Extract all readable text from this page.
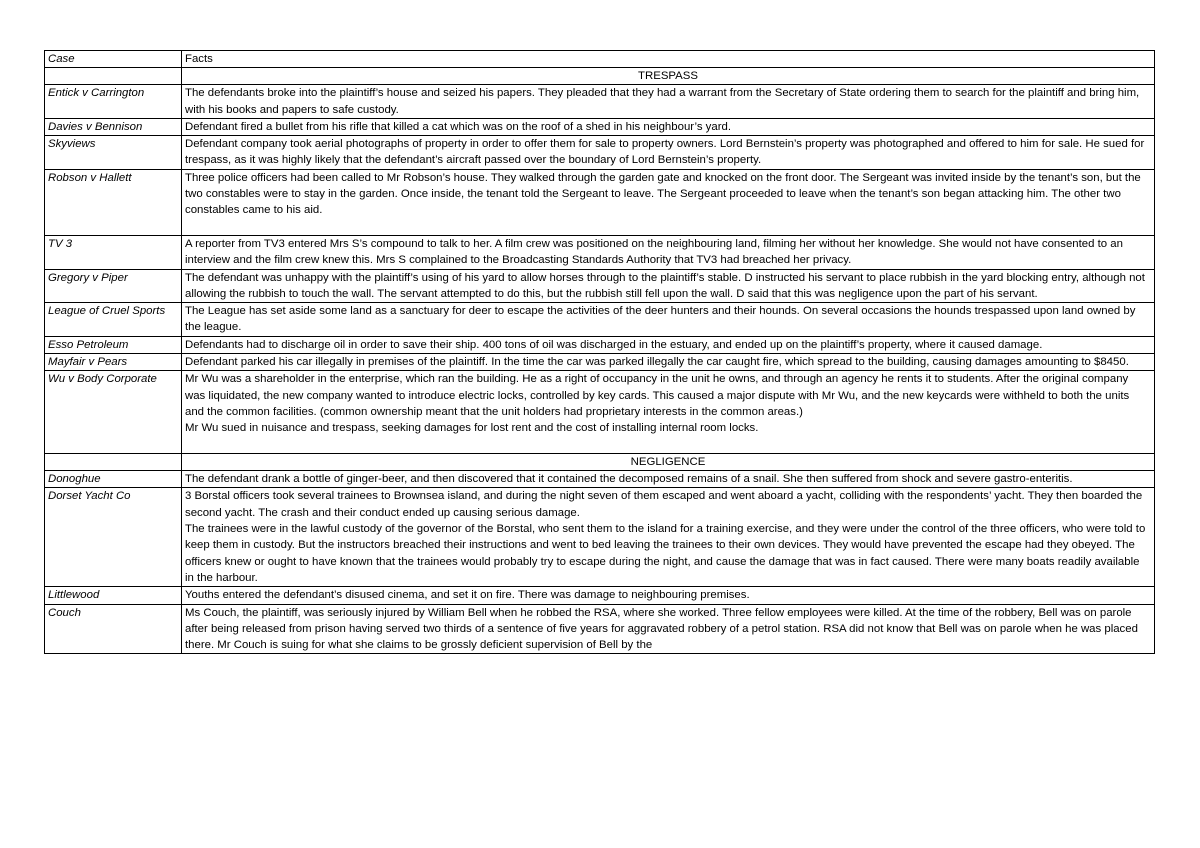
Case	Facts
	TRESPASS
Entick v Carrington	The defendants broke into the plaintiff’s house and seized his papers. They pleaded that they had a warrant from the Secretary of State ordering them to search for the plaintiff and bring him, with his books and papers to safe custody.

Davies v Bennison	Defendant fired a bullet from his rifle that killed a cat which was on the roof of a shed in his neighbour’s yard.

Skyviews	Defendant company took aerial photographs of property in order to offer them for sale to property owners. Lord Bernstein’s property was photographed and offered to him for sale. He sued for trespass, as it was highly likely that the defendant’s aircraft passed over the boundary of Lord Bernstein’s property.

Robson v Hallett	Three police officers had been called to Mr Robson’s house. They walked through the garden gate and knocked on the front door. The Sergeant was invited inside by the tenant’s son, but the two constables were to stay in the garden. Once inside, the tenant told the Sergeant to leave. The Sergeant proceeded to leave when the tenant’s son began attacking him. The other two constables came to his aid.

TV 3	A reporter from TV3 entered Mrs S’s compound to talk to her. A film crew was positioned on the neighbouring land, filming her without her knowledge. She would not have consented to an interview and the film crew knew this. Mrs S complained to the Broadcasting Standards Authority that TV3 had breached her privacy.

Gregory v Piper	The defendant was unhappy with the plaintiff’s using of his yard to allow horses through to the plaintiff’s stable. D instructed his servant to place rubbish in the yard blocking entry, although not allowing the rubbish to touch the wall. The servant attempted to do this, but the rubbish still fell upon the wall. D said that this was negligence upon the part of his servant.

League of Cruel Sports	The League has set aside some land as a sanctuary for deer to escape the activities of the deer hunters and their hounds. On several occasions the hounds trespassed upon land owned by the league.

Esso Petroleum	Defendants had to discharge oil in order to save their ship. 400 tons of oil was discharged in the estuary, and ended up on the plaintiff’s property, where it caused damage.

Mayfair v Pears	Defendant parked his car illegally in premises of the plaintiff. In the time the car was parked illegally the car caught fire, which spread to the building, causing damages amounting to $8450.

Wu v Body Corporate	Mr Wu was a shareholder in the enterprise, which ran the building. He as a right of occupancy in the unit he owns, and through an agency he rents it to students. After the original company was liquidated, the new company wanted to introduce electric locks, controlled by key cards. This caused a major dispute with Mr Wu, and the new keycards were withheld to both the units and the common facilities. (common ownership meant that the unit holders had proprietary interests in the common areas.)
Mr Wu sued in nuisance and trespass, seeking damages for lost rent and the cost of installing internal room locks.

	NEGLIGENCE
Donoghue	The defendant drank a bottle of ginger-beer, and then discovered that it contained the decomposed remains of a snail. She then suffered from shock and severe gastro-enteritis.

Dorset Yacht Co	3 Borstal officers took several trainees to Brownsea island, and during the night seven of them escaped and went aboard a yacht, colliding with the respondents’ yacht. They then boarded the second yacht. The crash and their conduct ended up causing serious damage.
The trainees were in the lawful custody of the governor of the Borstal, who sent them to the island for a training exercise, and they were under the control of the three officers, who were told to keep them in custody. But the instructors breached their instructions and went to bed leaving the trainees to their own devices. They would have prevented the escape had they obeyed. The officers knew or ought to have known that the trainees would probably try to escape during the night, and cause the damage that was in fact caused. There were many boats readily available in the harbour.

Littlewood	Youths entered the defendant’s disused cinema, and set it on fire. There was damage to neighbouring premises.

Couch	Ms Couch, the plaintiff, was seriously injured by William Bell when he robbed the RSA, where she worked. Three fellow employees were killed. At the time of the robbery, Bell was on parole after being released from prison having served two thirds of a sentence of five years for aggravated robbery of a petrol station. RSA did not know that Bell was on parole when he was placed there. Mr Couch is suing for what she claims to be grossly deficient supervision of Bell by the
